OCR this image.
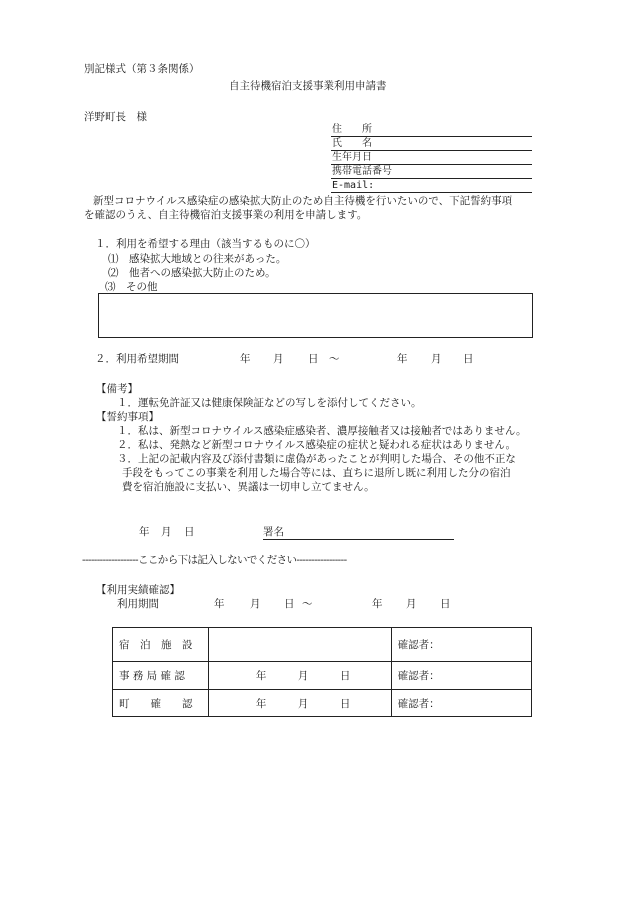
別記様式（第３条関係）
自主待機宿泊支援事業利用申請書
洋野町長　様
住　　所
氏　　名
生年月日
携帯電話番号
E-mail:
新型コロナウイルス感染症の感染拡大防止のため自主待機を行いたいので、下記誓約事項
を確認のうえ、自主待機宿泊支援事業の利用を申請します。
１．利用を希望する理由（該当するものに〇）
⑴　感染拡大地域との往来があった。
⑵　他者への感染拡大防止のため。
⑶　その他
２．利用希望期間	年 月 日 ～	年 月 日
【備考】
１．運転免許証又は健康保険証などの写しを添付してください。
【誓約事項】
１．私は、新型コロナウイルス感染症感染者、濃厚接触者又は接触者ではありません。
２．私は、発熱など新型コロナウイルス感染症の症状と疑われる症状はありません。
３．上記の記載内容及び添付書類に虚偽があったことが判明した場合、その他不正な
手段をもってこの事業を利用した場合等には、直ちに退所し既に利用した分の宿泊
費を宿泊施設に支払い、異議は一切申し立てません。
年 月 日	署名
-------------------ここから下は記入しないでください-----------------
【利用実績確認】
利用期間	年 月 日 ～	年 月 日
宿　泊　施　設		確認者：
事 務 局 確 認	年　　　月　　　日	確認者：
町　　確　　認	年　　　月　　　日	確認者：
